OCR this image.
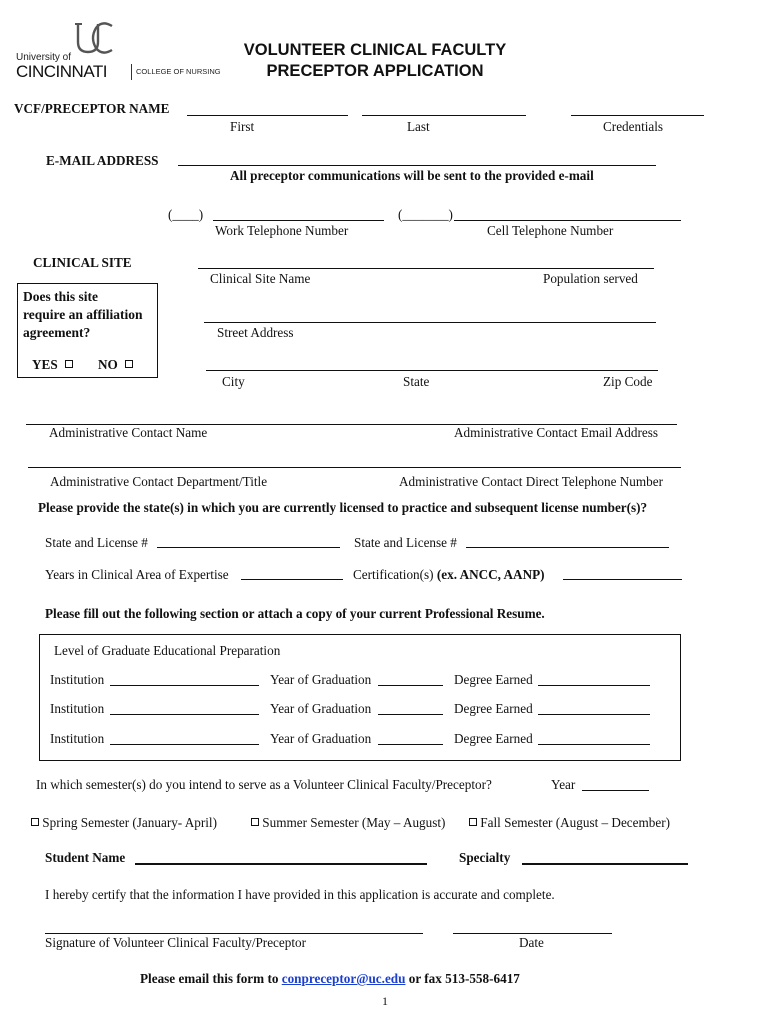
University of
CINCINNATI	COLLEGE OF NURSING
VOLUNTEER CLINICAL FACULTY
PRECEPTOR APPLICATION
VCF/PRECEPTOR NAME
First	Last	Credentials
E-MAIL ADDRESS
All preceptor communications will be sent to the provided e-mail
(____)	(_______)
Work Telephone Number	Cell Telephone Number
CLINICAL SITE
Clinical Site Name	Population served
Does this site
require an affiliation
agreement?
YES	NO
Street Address
City	State	Zip Code
Administrative Contact Name	Administrative Contact Email Address
Administrative Contact Department/Title	Administrative Contact Direct Telephone Number
Please provide the state(s) in which you are currently licensed to practice and subsequent license number(s)?
State and License #	State and License #
Years in Clinical Area of Expertise	Certification(s) (ex. ANCC, AANP)
Please fill out the following section or attach a copy of your current Professional Resume.
Level of Graduate Educational Preparation
Institution	Year of Graduation	Degree Earned
Institution	Year of Graduation	Degree Earned
Institution	Year of Graduation	Degree Earned
In which semester(s) do you intend to serve as a Volunteer Clinical Faculty/Preceptor?	Year
Spring Semester (January- April)	Summer Semester (May – August)	Fall Semester (August – December)
Student Name	Specialty
I hereby certify that the information I have provided in this application is accurate and complete.
Signature of Volunteer Clinical Faculty/Preceptor	Date
Please email this form to conpreceptor@uc.edu or fax 513-558-6417
1
